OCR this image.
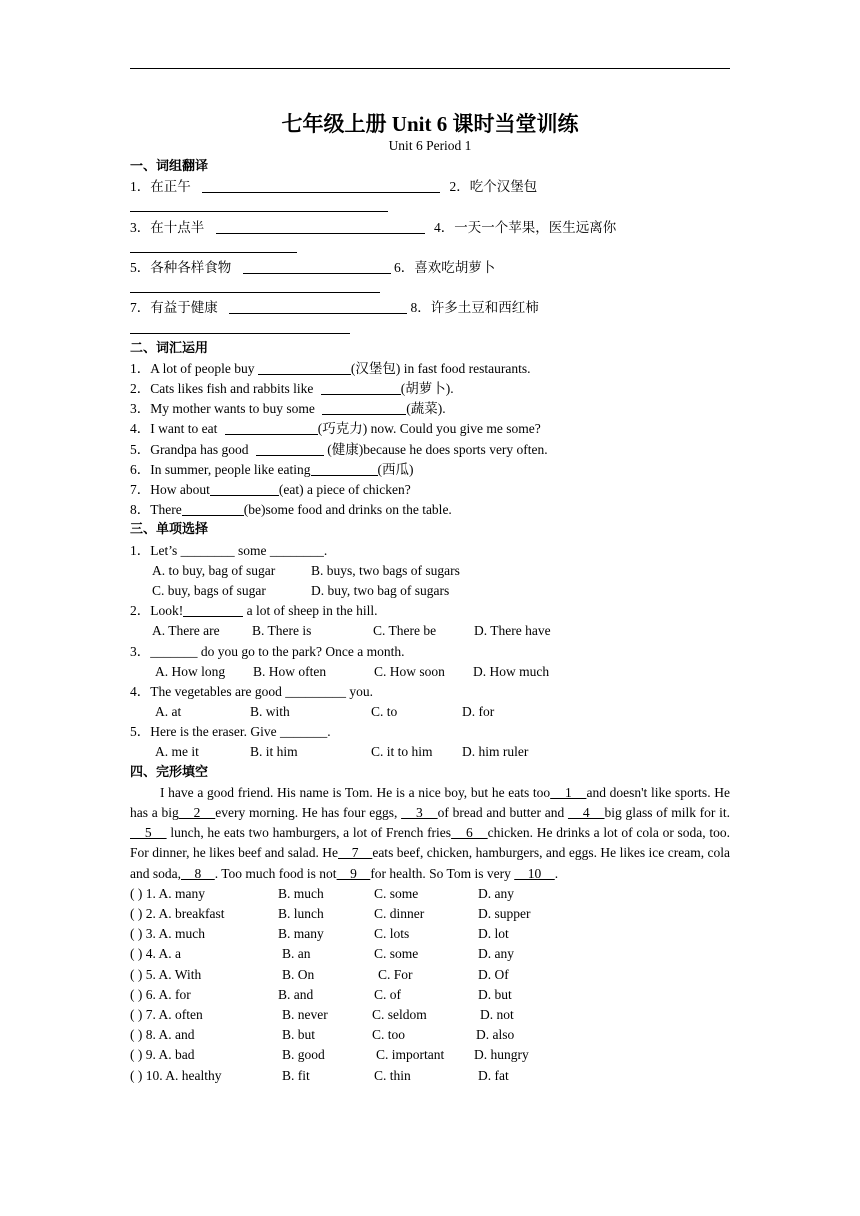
七年级上册 Unit 6 课时当堂训练
Unit 6 Period 1
一、词组翻译
1．在正午	2．吃个汉堡包
3．在十点半	4．一天一个苹果，医生远离你
5．各种各样食物	6．喜欢吃胡萝卜
7．有益于健康	8．许多土豆和西红柿
二、词汇运用
1．A lot of people buy	(汉堡包) in fast food restaurants.
2．Cats likes fish and rabbits like	(胡萝卜).
3．My mother wants to buy some	(蔬菜).
4．I want to eat	(巧克力) now. Could you give me some?
5．Grandpa has good	(健康)because he does sports very often.
6．In summer, people like eating	(西瓜)
7．How about	(eat) a piece of chicken?
8．There	(be)some food and drinks on the table.
三、单项选择
1．Let’s ________ some ________.
A. to buy, bag of sugar	B. buys, two bags of sugars
C. buy, bags of sugar	D. buy, two bag of sugars
2．Look!	a lot of sheep in the hill.
A. There are B. There is	C. There be	D. There have
3．_______ do you go to the park? Once a month.
A. How long B. How often	C. How soon D. How much
4．The vegetables are good _________ you.
A. at	B. with	C. to	D. for
5．Here is the eraser. Give _______.
A. me it	B. it him	C. it to him D. him ruler
四、完形填空
I have a good friend. His name is Tom. He is a nice boy, but he eats too    1    and doesn't like sports. He has a big    2    every morning. He has four eggs,     3    of bread and butter and     4    big glass of milk for it.     5     lunch, he eats two hamburgers, a lot of French fries    6    chicken. He drinks a lot of cola or soda, too. For dinner, he likes beef and salad. He    7    eats beef, chicken, hamburgers, and eggs. He likes ice cream, cola and soda,    8    . Too much food is not    9    for health. So Tom is very     10    .
( ) 1. A. many	B. much	C. some	D. any
( ) 2. A. breakfast	B. lunch	C. dinner	D. supper
( ) 3. A. much	B. many	C. lots	D. lot
( ) 4. A. a	B. an	C. some	D. any
( ) 5. A. With	B. On	C. For	D. Of
( ) 6. A. for	B. and	C. of	D. but
( ) 7. A. often	B. never	C. seldom	D. not
( ) 8. A. and	B. but	C. too	D. also
( ) 9. A. bad	B. good	C. important D. hungry
( ) 10. A. healthy	B. fit	C. thin	D. fat
